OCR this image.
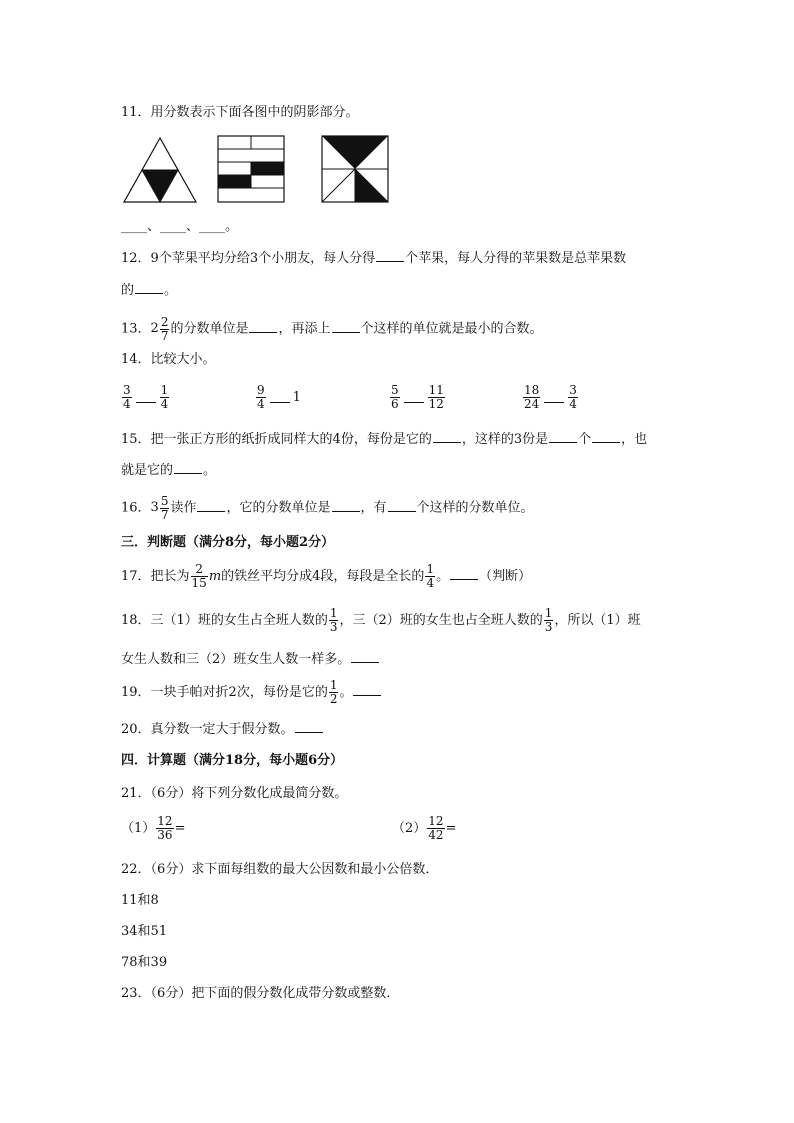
11．用分数表示下面各图中的阴影部分。
____、____、____。
12．9个苹果平均分给3个小朋友，每人分得 个苹果，每人分得的苹果数是总苹果数
的 。
13．$2 \frac{2}{7}$ 的分数单位是 ，再添上 个这样的单位就是最小的合数。
14．比较大小。
$\frac{3}{4} \frac{1}{4}$	$\frac{9}{4} 1$	$\frac{5}{6} \frac{11}{12}$	$\frac{18}{24} \frac{3}{4}$
15．把一张正方形的纸折成同样大的4份，每份是它的 ，这样的3份是 个 ，也
就是它的 。
16．$3 \frac{5}{7}$ 读作 ，它的分数单位是 ，有 个这样的分数单位。
三．判断题（满分8分，每小题2分）
17．把长为 $\frac{2}{15}$ m的铁丝平均分成4段，每段是全长的 $\frac{1}{4}$ 。 （判断）
18．三（1）班的女生占全班人数的 $\frac{1}{3}$ ，三（2）班的女生也占全班人数的 $\frac{1}{3}$ ，所以（1）班
女生人数和三（2）班女生人数一样多。
19．一块手帕对折2次，每份是它的 $\frac{1}{2}$ 。
20．真分数一定大于假分数。
四．计算题（满分18分，每小题6分）
21．（6分）将下列分数化成最简分数。
$(1) \frac{12}{36}$ =	$(2) \frac{12}{42}$ =
22．（6分）求下面每组数的最大公因数和最小公倍数．
11和8
34和51
78和39
23．（6分）把下面的假分数化成带分数或整数．
